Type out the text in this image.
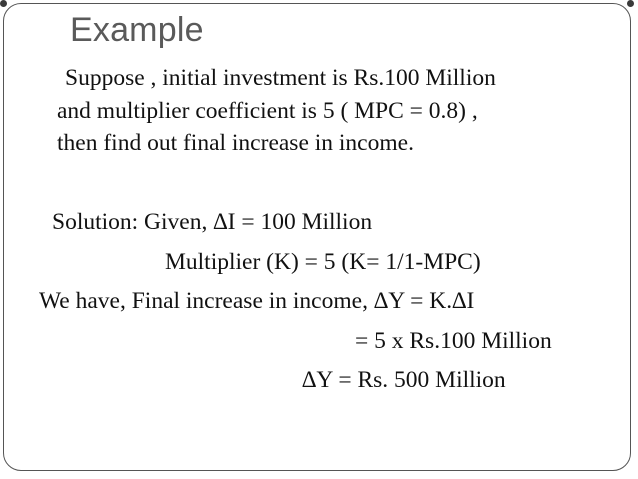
Example
Suppose , initial investment is Rs.100 Million
and multiplier coefficient is 5 ( MPC = 0.8) ,
then find out final increase in income.
Solution: Given, ∆I = 100 Million
Multiplier (K) = 5 (K= 1/1-MPC)
We have, Final increase in income, ∆Y = K.∆I
= 5 x Rs.100 Million
∆Y = Rs. 500 Million
